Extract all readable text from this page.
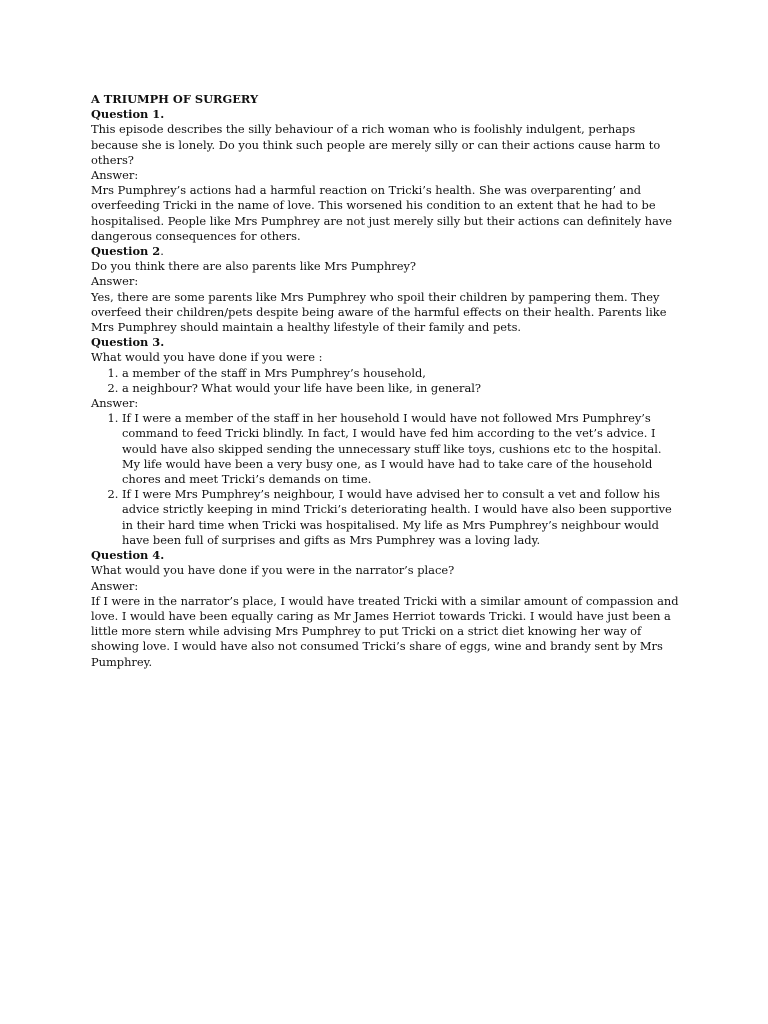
A TRIUMPH OF SURGERY
Question 1.

This episode describes the silly behaviour of a rich woman who is foolishly indulgent, perhaps because she is lonely. Do you think such people are merely silly or can their actions cause harm to others?

Answer:

Mrs Pumphrey’s actions had a harmful reaction on Tricki’s health. She was overparenting’ and overfeeding Tricki in the name of love. This worsened his condition to an extent that he had to be hospitalised. People like Mrs Pumphrey are not just merely silly but their actions can definitely have dangerous consequences for others.

Question 2.

Do you think there are also parents like Mrs Pumphrey?

Answer:

Yes, there are some parents like Mrs Pumphrey who spoil their children by pampering them. They overfeed their children/pets despite being aware of the harmful effects on their health. Parents like Mrs Pumphrey should maintain a healthy lifestyle of their family and pets.

Question 3.

What would you have done if you were :

1. a member of the staff in Mrs Pumphrey’s household,
2. a neighbour? What would your life have been like, in general?
Answer:
1. If I were a member of the staff in her household I would have not followed Mrs Pumphrey’s command to feed Tricki blindly. In fact, I would have fed him according to the vet’s advice. I would have also skipped sending the unnecessary stuff like toys, cushions etc to the hospital. My life would have been a very busy one, as I would have had to take care of the household chores and meet Tricki’s demands on time.
2. If I were Mrs Pumphrey’s neighbour, I would have advised her to consult a vet and follow his advice strictly keeping in mind Tricki’s deteriorating health. I would have also been supportive in their hard time when Tricki was hospitalised. My life as Mrs Pumphrey’s neighbour would have been full of surprises and gifts as Mrs Pumphrey was a loving lady.
Question 4.

What would you have done if you were in the narrator’s place?

Answer:

If I were in the narrator’s place, I would have treated Tricki with a similar amount of compassion and love. I would have been equally caring as Mr James Herriot towards Tricki. I would have just been a little more stern while advising Mrs Pumphrey to put Tricki on a strict diet knowing her way of showing love. I would have also not consumed Tricki’s share of eggs, wine and brandy sent by Mrs Pumphrey.
